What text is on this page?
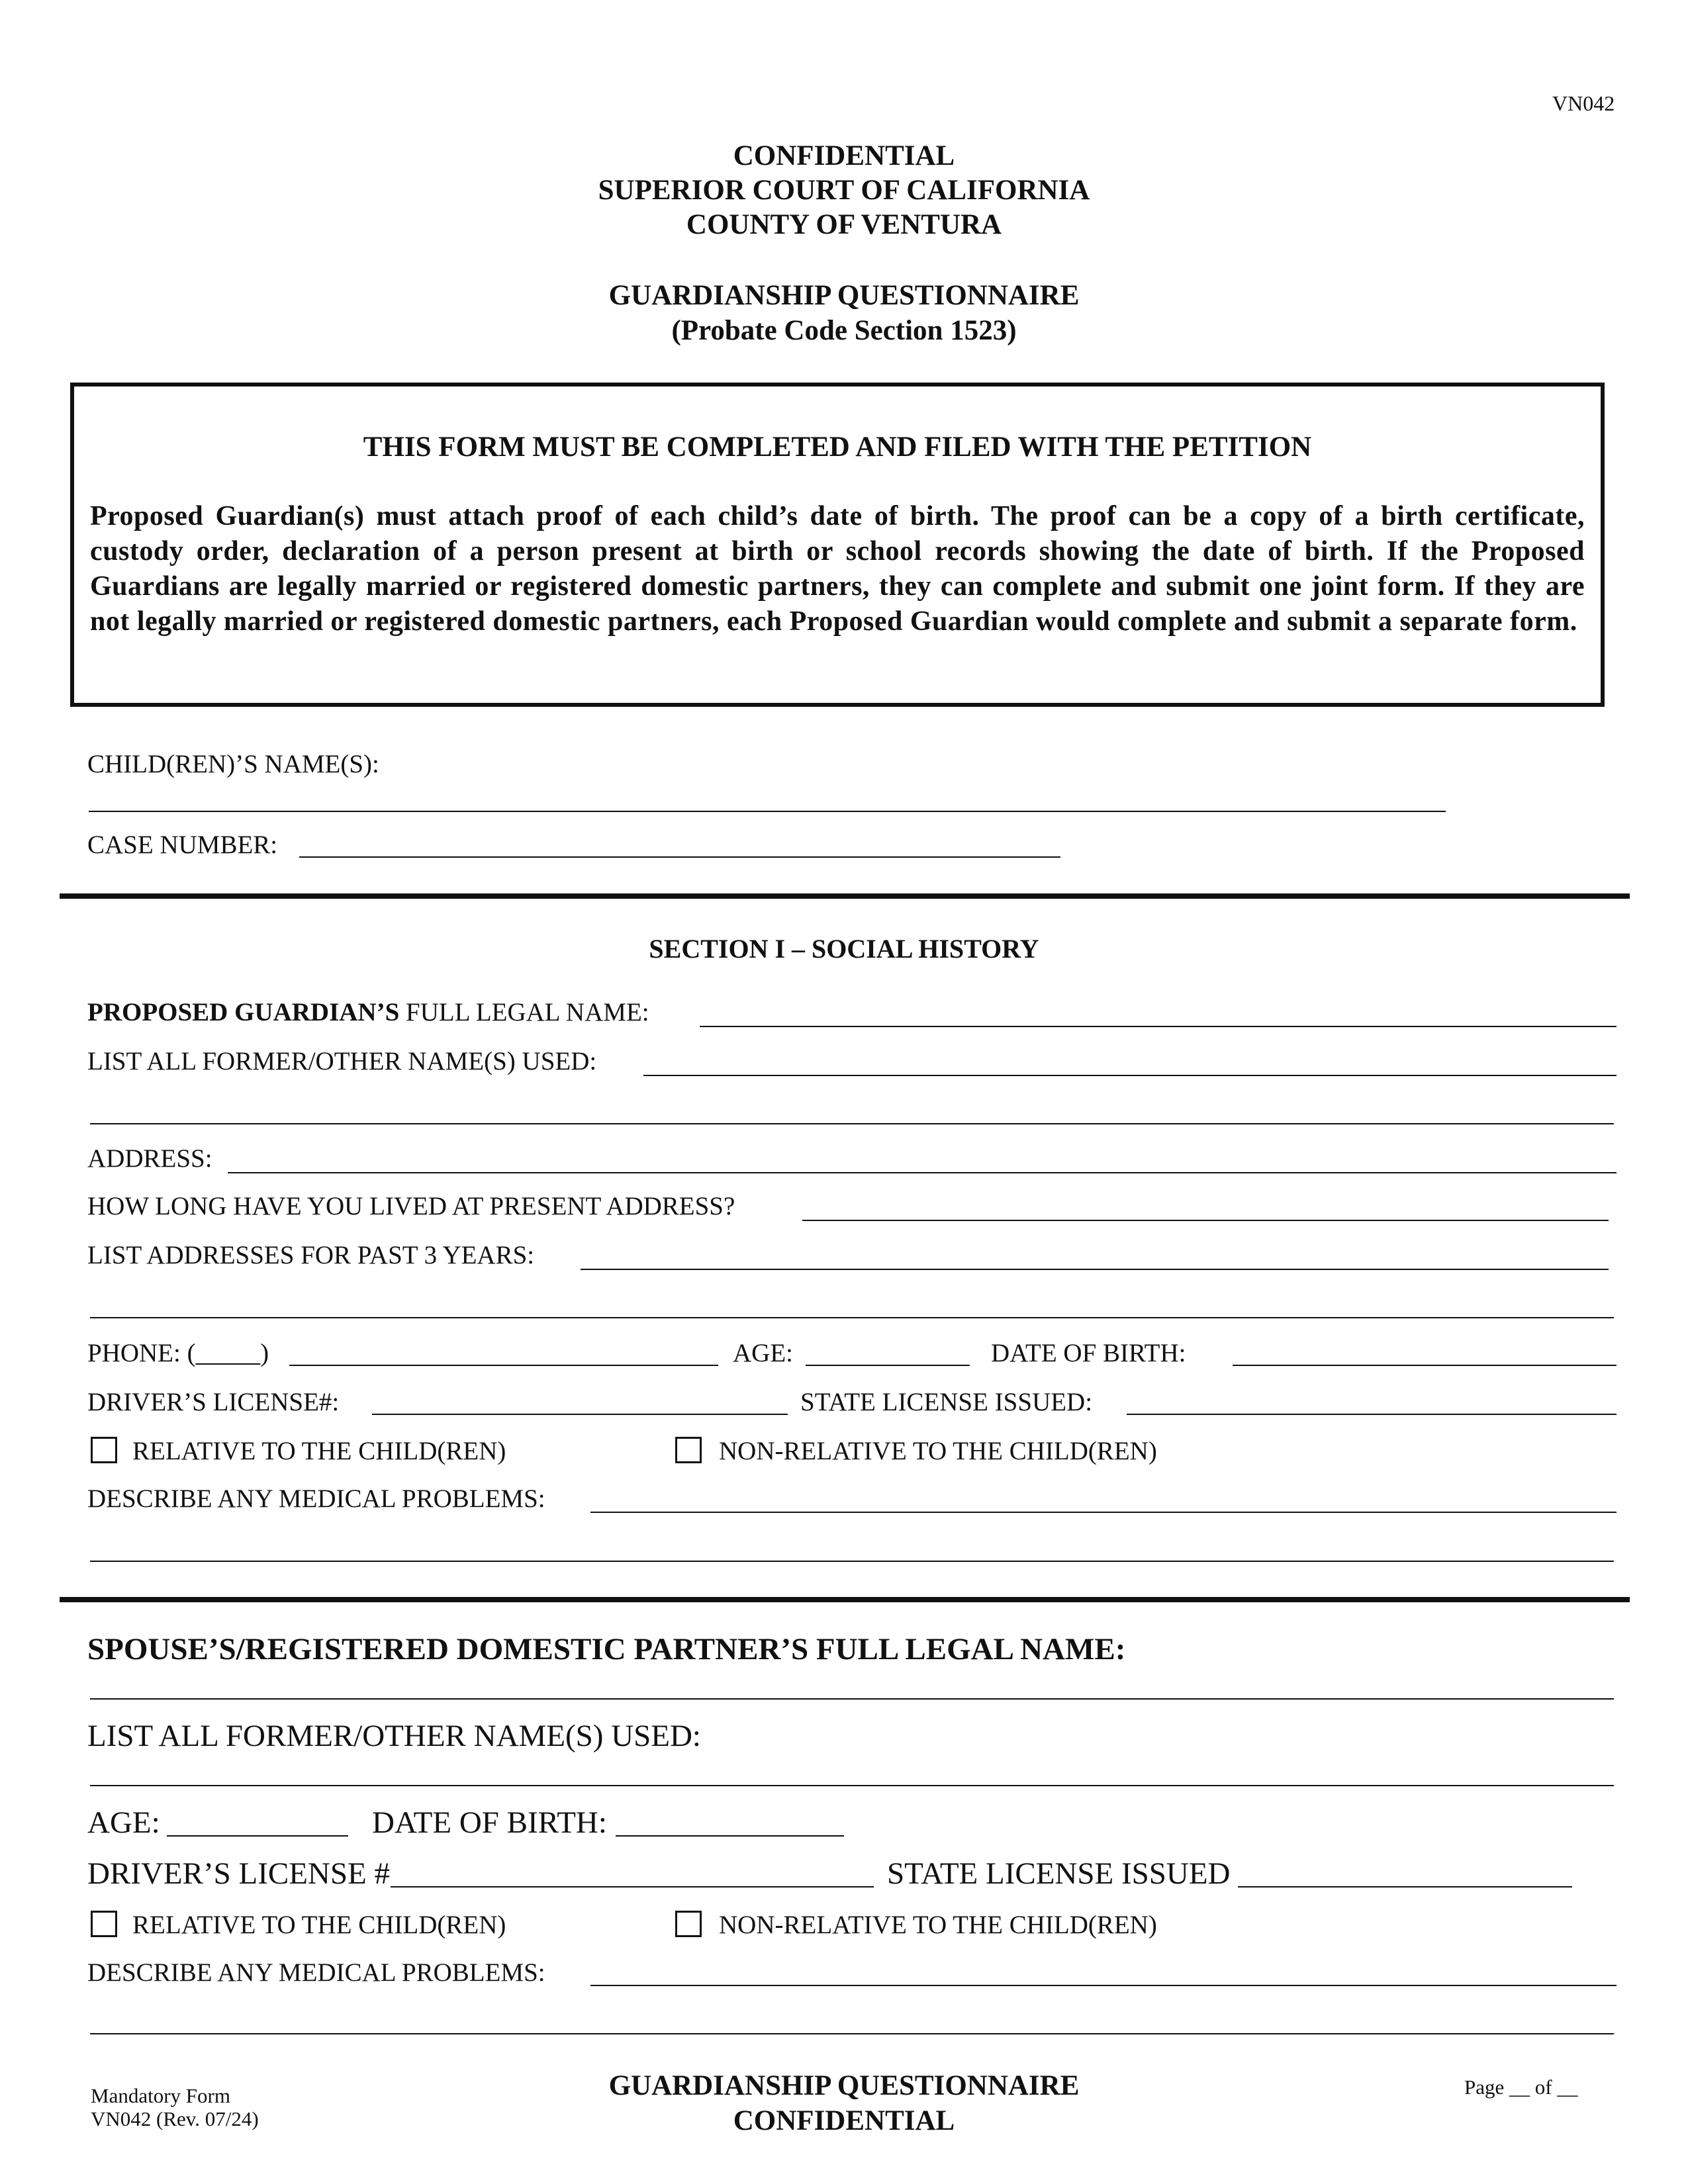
VN042
CONFIDENTIAL
SUPERIOR COURT OF CALIFORNIA
COUNTY OF VENTURA
GUARDIANSHIP QUESTIONNAIRE
(Probate Code Section 1523)
THIS FORM MUST BE COMPLETED AND FILED WITH THE PETITION
Proposed Guardian(s) must attach proof of each child’s date of birth. The proof can be a copy of a birth certificate, custody order, declaration of a person present at birth or school records showing the date of birth. If the Proposed Guardians are legally married or registered domestic partners, they can complete and submit one joint form. If they are not legally married or registered domestic partners, each Proposed Guardian would complete and submit a separate form.
CHILD(REN)’S NAME(S):
CASE NUMBER:
SECTION I – SOCIAL HISTORY
PROPOSED GUARDIAN’S FULL LEGAL NAME:
LIST ALL FORMER/OTHER NAME(S) USED:
ADDRESS:
HOW LONG HAVE YOU LIVED AT PRESENT ADDRESS?
LIST ADDRESSES FOR PAST 3 YEARS:
PHONE: (_____)	AGE:	DATE OF BIRTH:
DRIVER’S LICENSE#:	STATE LICENSE ISSUED:
RELATIVE TO THE CHILD(REN)	NON-RELATIVE TO THE CHILD(REN)
DESCRIBE ANY MEDICAL PROBLEMS:
SPOUSE’S/REGISTERED DOMESTIC PARTNER’S FULL LEGAL NAME:
LIST ALL FORMER/OTHER NAME(S) USED:
AGE:	DATE OF BIRTH:
DRIVER’S LICENSE #	STATE LICENSE ISSUED
RELATIVE TO THE CHILD(REN)	NON-RELATIVE TO THE CHILD(REN)
DESCRIBE ANY MEDICAL PROBLEMS:
Mandatory Form
VN042 (Rev. 07/24)
GUARDIANSHIP QUESTIONNAIRE
CONFIDENTIAL
Page __ of __
